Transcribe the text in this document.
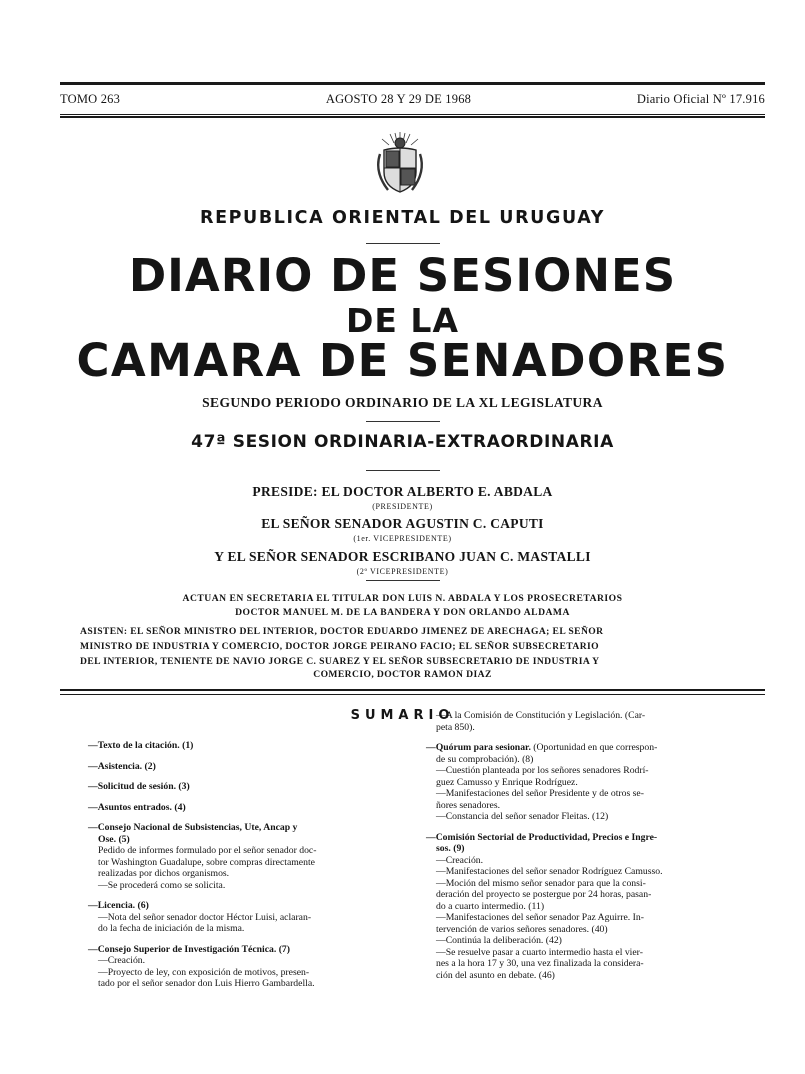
TOMO 263	AGOSTO 28 Y 29 DE 1968	Diario Oficial Nº 17.916
REPUBLICA ORIENTAL DEL URUGUAY
DIARIO DE SESIONES
DE LA
CAMARA DE SENADORES
SEGUNDO PERIODO ORDINARIO DE LA XL LEGISLATURA
47ª SESION ORDINARIA-EXTRAORDINARIA
PRESIDE: EL DOCTOR ALBERTO E. ABDALA
(PRESIDENTE)
EL SEÑOR SENADOR AGUSTIN C. CAPUTI
(1er. VICEPRESIDENTE)
Y EL SEÑOR SENADOR ESCRIBANO JUAN C. MASTALLI
(2º VICEPRESIDENTE)
ACTUAN EN SECRETARIA EL TITULAR DON LUIS N. ABDALA Y LOS PROSECRETARIOS
DOCTOR MANUEL M. DE LA BANDERA Y DON ORLANDO ALDAMA
ASISTEN: EL SEÑOR MINISTRO DEL INTERIOR, DOCTOR EDUARDO JIMENEZ DE ARECHAGA; EL SEÑOR
MINISTRO DE INDUSTRIA Y COMERCIO, DOCTOR JORGE PEIRANO FACIO; EL SEÑOR SUBSECRETARIO
DEL INTERIOR, TENIENTE DE NAVIO JORGE C. SUAREZ Y EL SEÑOR SUBSECRETARIO DE INDUSTRIA Y
COMERCIO, DOCTOR RAMON DIAZ
SUMARIO
—Texto de la citación. (1)
—Asistencia. (2)
—Solicitud de sesión. (3)
—Asuntos entrados. (4)
—Consejo Nacional de Subsistencias, Ute, Ancap y
Ose. (5)
Pedido de informes formulado por el señor senador doc-
tor Washington Guadalupe, sobre compras directamente
realizadas por dichos organismos.
—Se procederá como se solicita.
—Licencia. (6)
—Nota del señor senador doctor Héctor Luisi, aclaran-
do la fecha de iniciación de la misma.
—Consejo Superior de Investigación Técnica. (7)
—Creación.
—Proyecto de ley, con exposición de motivos, presen-
tado por el señor senador don Luis Hierro Gambardella.
—A la Comisión de Constitución y Legislación. (Car-
peta 850).
—Quórum para sesionar. (Oportunidad en que correspon-
de su comprobación). (8)
—Cuestión planteada por los señores senadores Rodrí-
guez Camusso y Enrique Rodríguez.
—Manifestaciones del señor Presidente y de otros se-
ñores senadores.
—Constancia del señor senador Fleitas. (12)
—Comisión Sectorial de Productividad, Precios e Ingre-
sos. (9)
—Creación.
—Manifestaciones del señor senador Rodríguez Camusso.
—Moción del mismo señor senador para que la consi-
deración del proyecto se postergue por 24 horas, pasan-
do a cuarto intermedio. (11)
—Manifestaciones del señor senador Paz Aguirre. In-
tervención de varios señores senadores. (40)
—Continúa la deliberación. (42)
—Se resuelve pasar a cuarto intermedio hasta el vier-
nes a la hora 17 y 30, una vez finalizada la considera-
ción del asunto en debate. (46)
